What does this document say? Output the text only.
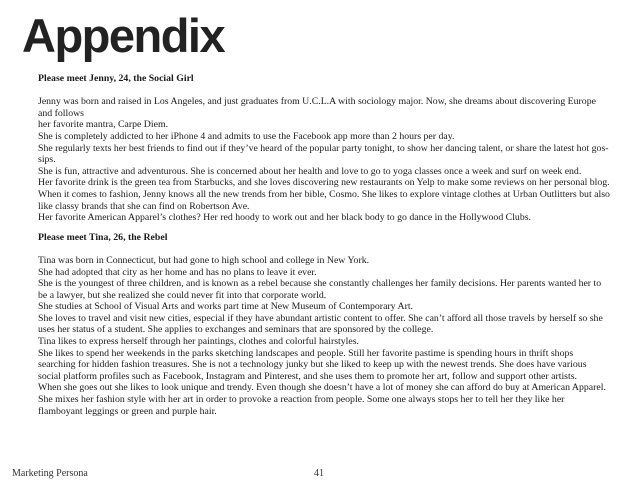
Appendix
Please meet Jenny, 24, the Social Girl
Jenny was born and raised in Los Angeles, and just graduates from U.C.L.A with sociology major. Now, she dreams about discovering Europe and follows
her favorite mantra, Carpe Diem.
She is completely addicted to her iPhone 4 and admits to use the Facebook app more than 2 hours per day.
She regularly texts her best friends to find out if they’ve heard of the popular party tonight, to show her dancing talent, or share the latest hot gos-sips.
She is fun, attractive and adventurous. She is concerned about her health and love to go to yoga classes once a week and surf on week end.
Her favorite drink is the green tea from Starbucks, and she loves discovering new restaurants on Yelp to make some reviews on her personal blog.
When it comes to fashion, Jenny knows all the new trends from her bible, Cosmo. She likes to explore vintage clothes at Urban Outlitters but also like classy brands that she can find on Robertson Ave.
Her favorite American Apparel’s clothes? Her red hoody to work out and her black body to go dance in the Hollywood Clubs.
Please meet Tina, 26, the Rebel
Tina was born in Connecticut, but had gone to high school and college in New York.
She had adopted that city as her home and has no plans to leave it ever.
She is the youngest of three children, and is known as a rebel because she constantly challenges her family decisions. Her parents wanted her to be a lawyer, but she realized she could never fit into that corporate world.
She studies at School of Visual Arts and works part time at New Museum of Contemporary Art.
She loves to travel and visit new cities, especial if they have abundant artistic content to offer. She can’t afford all those travels by herself so she uses her status of a student. She applies to exchanges and seminars that are sponsored by the college.
Tina likes to express herself through her paintings, clothes and colorful hairstyles.
She likes to spend her weekends in the parks sketching landscapes and people. Still her favorite pastime is spending hours in thrift shops searching for hidden fashion treasures. She is not a technology junky but she liked to keep up with the newest trends. She does have various social platform profiles such as Facebook, Instagram and Pinterest, and she uses them to promote her art, follow and support other artists.
When she goes out she likes to look unique and trendy. Even though she doesn’t have a lot of money she can afford do buy at American Apparel.
She mixes her fashion style with her art in order to provoke a reaction from people. Some one always stops her to tell her they like her flamboyant leggings or green and purple hair.
Marketing Persona	41
